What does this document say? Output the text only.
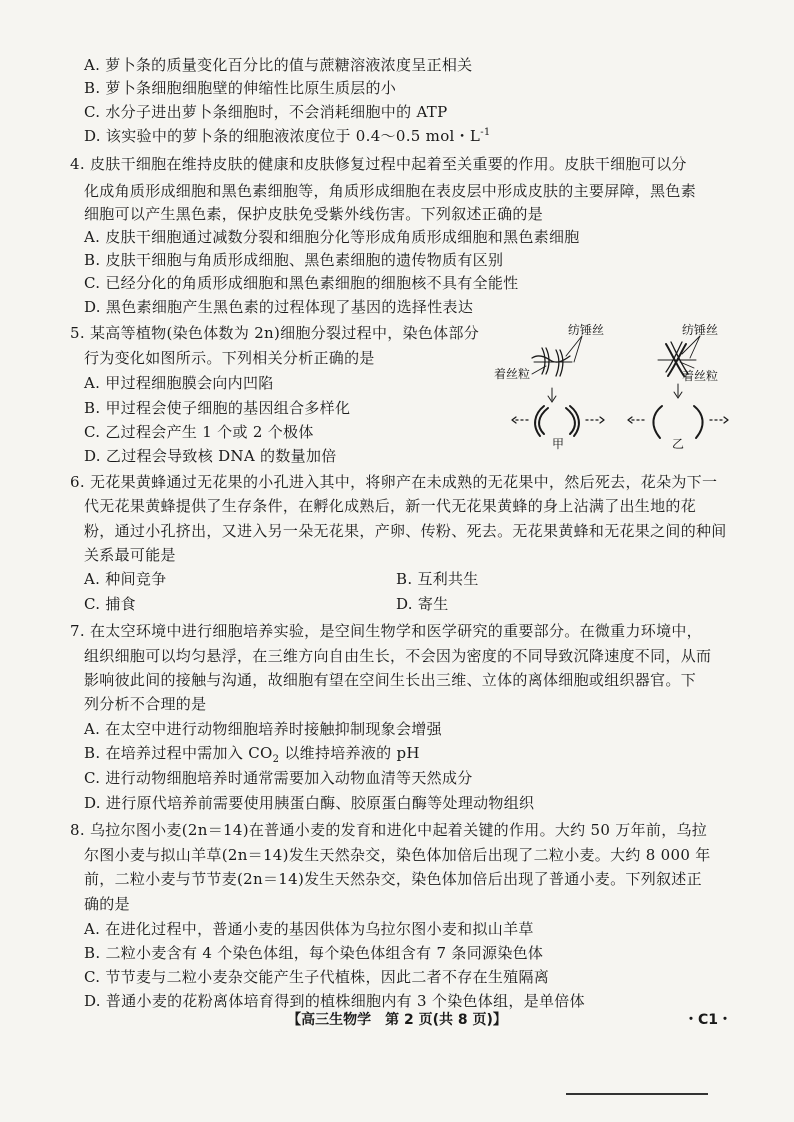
A. 萝卜条的质量变化百分比的值与蔗糖溶液浓度呈正相关
B. 萝卜条细胞细胞壁的伸缩性比原生质层的小
C. 水分子进出萝卜条细胞时，不会消耗细胞中的 ATP
D. 该实验中的萝卜条的细胞液浓度位于 0.4～0.5 mol・$L^{-1}$
4. 皮肤干细胞在维持皮肤的健康和皮肤修复过程中起着至关重要的作用。皮肤干细胞可以分
化成角质形成细胞和黑色素细胞等，角质形成细胞在表皮层中形成皮肤的主要屏障，黑色素
细胞可以产生黑色素，保护皮肤免受紫外线伤害。下列叙述正确的是
A. 皮肤干细胞通过减数分裂和细胞分化等形成角质形成细胞和黑色素细胞
B. 皮肤干细胞与角质形成细胞、黑色素细胞的遗传物质有区别
C. 已经分化的角质形成细胞和黑色素细胞的细胞核不具有全能性
D. 黑色素细胞产生黑色素的过程体现了基因的选择性表达
5. 某高等植物(染色体数为 2n)细胞分裂过程中，染色体部分
行为变化如图所示。下列相关分析正确的是
A. 甲过程细胞膜会向内凹陷
B. 甲过程会使子细胞的基因组合多样化
C. 乙过程会产生 1 个或 2 个极体
D. 乙过程会导致核 DNA 的数量加倍
纺锤丝	纺锤丝
着丝粒	着丝粒
甲	乙
6. 无花果黄蜂通过无花果的小孔进入其中，将卵产在未成熟的无花果中，然后死去，花朵为下一
代无花果黄蜂提供了生存条件，在孵化成熟后，新一代无花果黄蜂的身上沾满了出生地的花
粉，通过小孔挤出，又进入另一朵无花果，产卵、传粉、死去。无花果黄蜂和无花果之间的种间
关系最可能是
A. 种间竞争	B. 互利共生
C. 捕食	D. 寄生
7. 在太空环境中进行细胞培养实验，是空间生物学和医学研究的重要部分。在微重力环境中，
组织细胞可以均匀悬浮，在三维方向自由生长，不会因为密度的不同导致沉降速度不同，从而
影响彼此间的接触与沟通，故细胞有望在空间生长出三维、立体的离体细胞或组织器官。下
列分析不合理的是
A. 在太空中进行动物细胞培养时接触抑制现象会增强
B. 在培养过程中需加入 $CO_2$ 以维持培养液的 pH
C. 进行动物细胞培养时通常需要加入动物血清等天然成分
D. 进行原代培养前需要使用胰蛋白酶、胶原蛋白酶等处理动物组织
8. 乌拉尔图小麦(2n＝14)在普通小麦的发育和进化中起着关键的作用。大约 50 万年前，乌拉
尔图小麦与拟山羊草(2n＝14)发生天然杂交，染色体加倍后出现了二粒小麦。大约 8 000 年
前，二粒小麦与节节麦(2n＝14)发生天然杂交，染色体加倍后出现了普通小麦。下列叙述正
确的是
A. 在进化过程中，普通小麦的基因供体为乌拉尔图小麦和拟山羊草
B. 二粒小麦含有 4 个染色体组，每个染色体组含有 7 条同源染色体
C. 节节麦与二粒小麦杂交能产生子代植株，因此二者不存在生殖隔离
D. 普通小麦的花粉离体培育得到的植株细胞内有 3 个染色体组，是单倍体
【高三生物学　第 2 页(共 8 页)】	・C1・
